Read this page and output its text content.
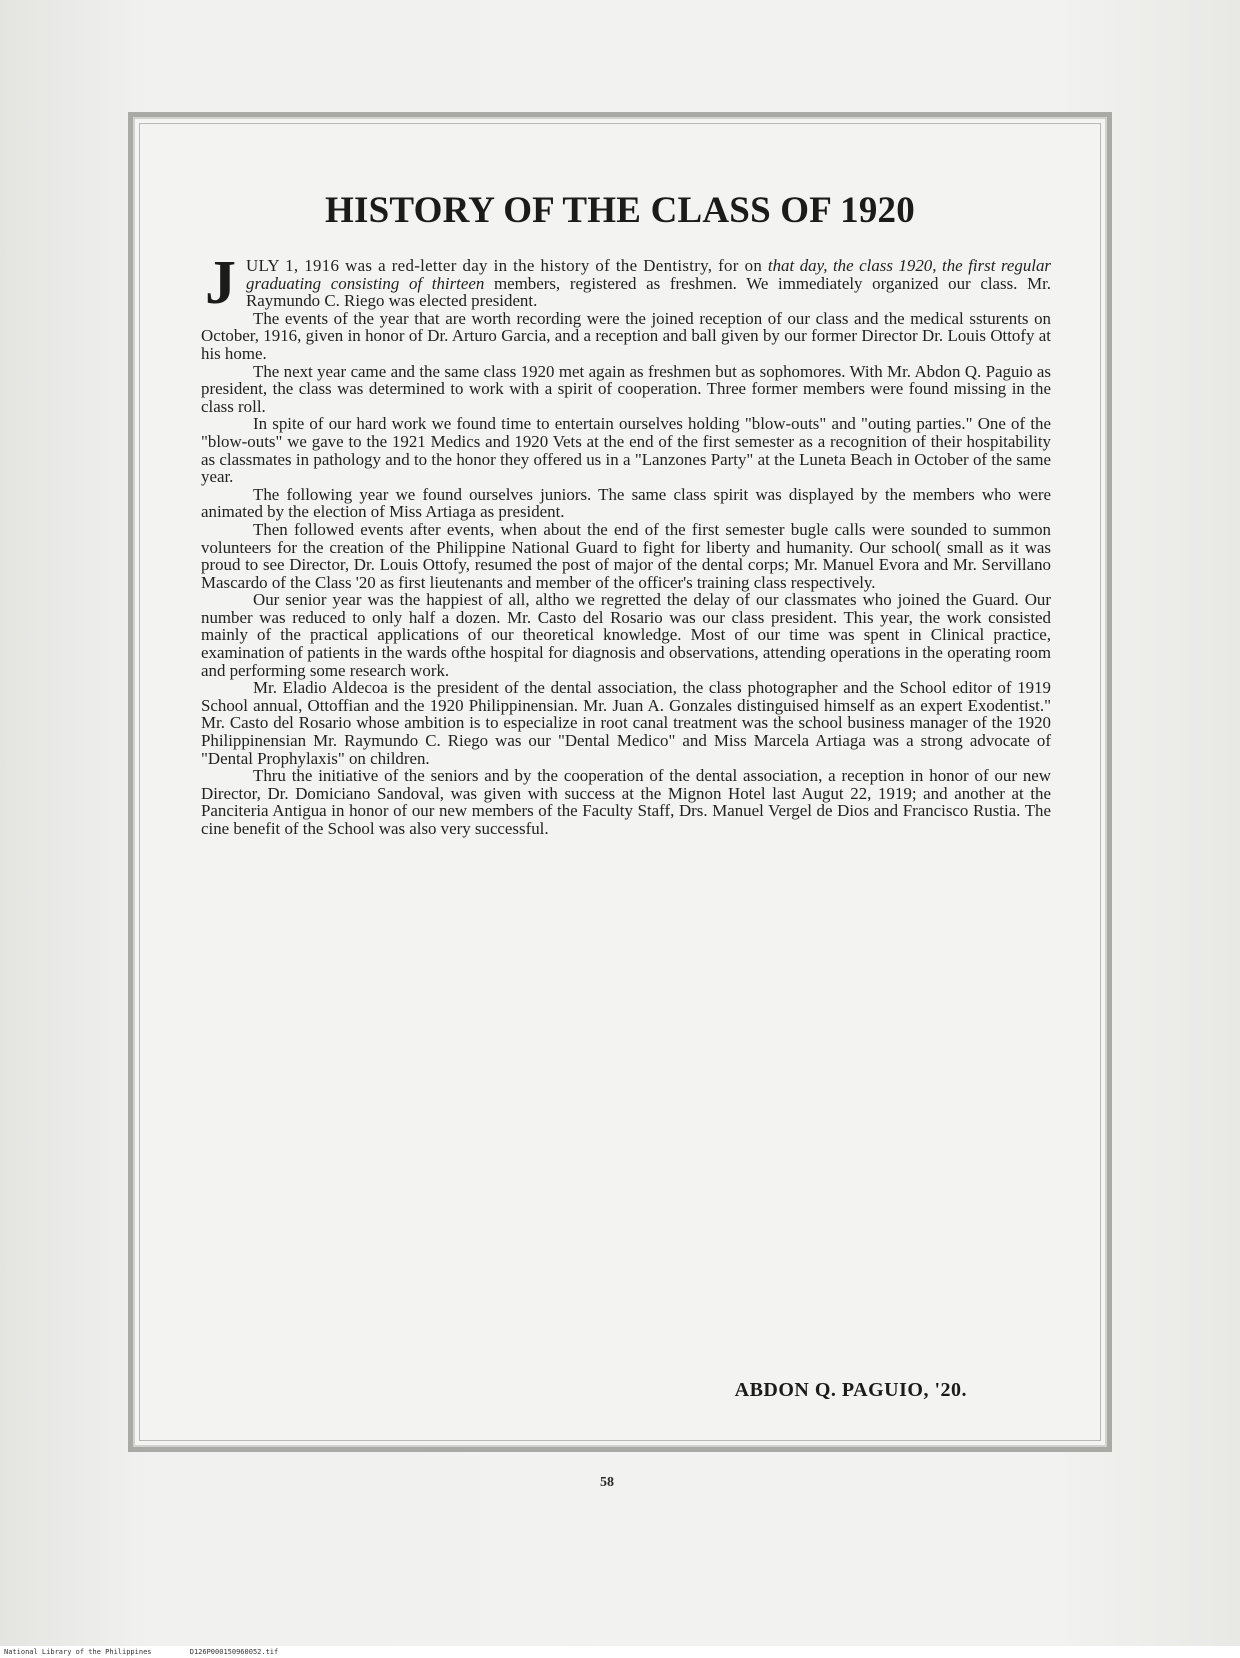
HISTORY OF THE CLASS OF 1920

JULY 1, 1916 was a red-letter day in the history of the Dentistry, for on that day, the class 1920, the first regular graduating consisting of thirteen members, registered as freshmen. We immediately organized our class. Mr. Raymundo C. Riego was elected president.

The events of the year that are worth recording were the joined reception of our class and the medical ssturents on October, 1916, given in honor of Dr. Arturo Garcia, and a reception and ball given by our former Director Dr. Louis Ottofy at his home.

The next year came and the same class 1920 met again as freshmen but as sophomores. With Mr. Abdon Q. Paguio as president, the class was determined to work with a spirit of cooperation. Three former members were found missing in the class roll.

In spite of our hard work we found time to entertain ourselves holding "blow-outs" and "outing parties." One of the "blow-outs" we gave to the 1921 Medics and 1920 Vets at the end of the first semester as a recognition of their hospitability as classmates in pathology and to the honor they offered us in a "Lanzones Party" at the Luneta Beach in October of the same year.

The following year we found ourselves juniors. The same class spirit was displayed by the members who were animated by the election of Miss Artiaga as president.

Then followed events after events, when about the end of the first semester bugle calls were sounded to summon volunteers for the creation of the Philippine National Guard to fight for liberty and humanity. Our school( small as it was proud to see Director, Dr. Louis Ottofy, resumed the post of major of the dental corps; Mr. Manuel Evora and Mr. Servillano Mascardo of the Class '20 as first lieutenants and member of the officer's training class respectively.

Our senior year was the happiest of all, altho we regretted the delay of our classmates who joined the Guard. Our number was reduced to only half a dozen. Mr. Casto del Rosario was our class president. This year, the work consisted mainly of the practical applications of our theoretical knowledge. Most of our time was spent in Clinical practice, examination of patients in the wards ofthe hospital for diagnosis and observations, attending operations in the operating room and performing some research work.

Mr. Eladio Aldecoa is the president of the dental association, the class photographer and the School editor of 1919 School annual, Ottoffian and the 1920 Philippinensian. Mr. Juan A. Gonzales distinguised himself as an expert Exodentist." Mr. Casto del Rosario whose ambition is to especialize in root canal treatment was the school business manager of the 1920 Philippinensian Mr. Raymundo C. Riego was our "Dental Medico" and Miss Marcela Artiaga was a strong advocate of "Dental Prophylaxis" on children.

Thru the initiative of the seniors and by the cooperation of the dental association, a reception in honor of our new Director, Dr. Domiciano Sandoval, was given with success at the Mignon Hotel last Augut 22, 1919; and another at the Panciteria Antigua in honor of our new members of the Faculty Staff, Drs. Manuel Vergel de Dios and Francisco Rustia. The cine benefit of the School was also very successful.

ABDON Q. PAGUIO, '20.

58

National Library of the Philippines	D126P000150960052.tif
